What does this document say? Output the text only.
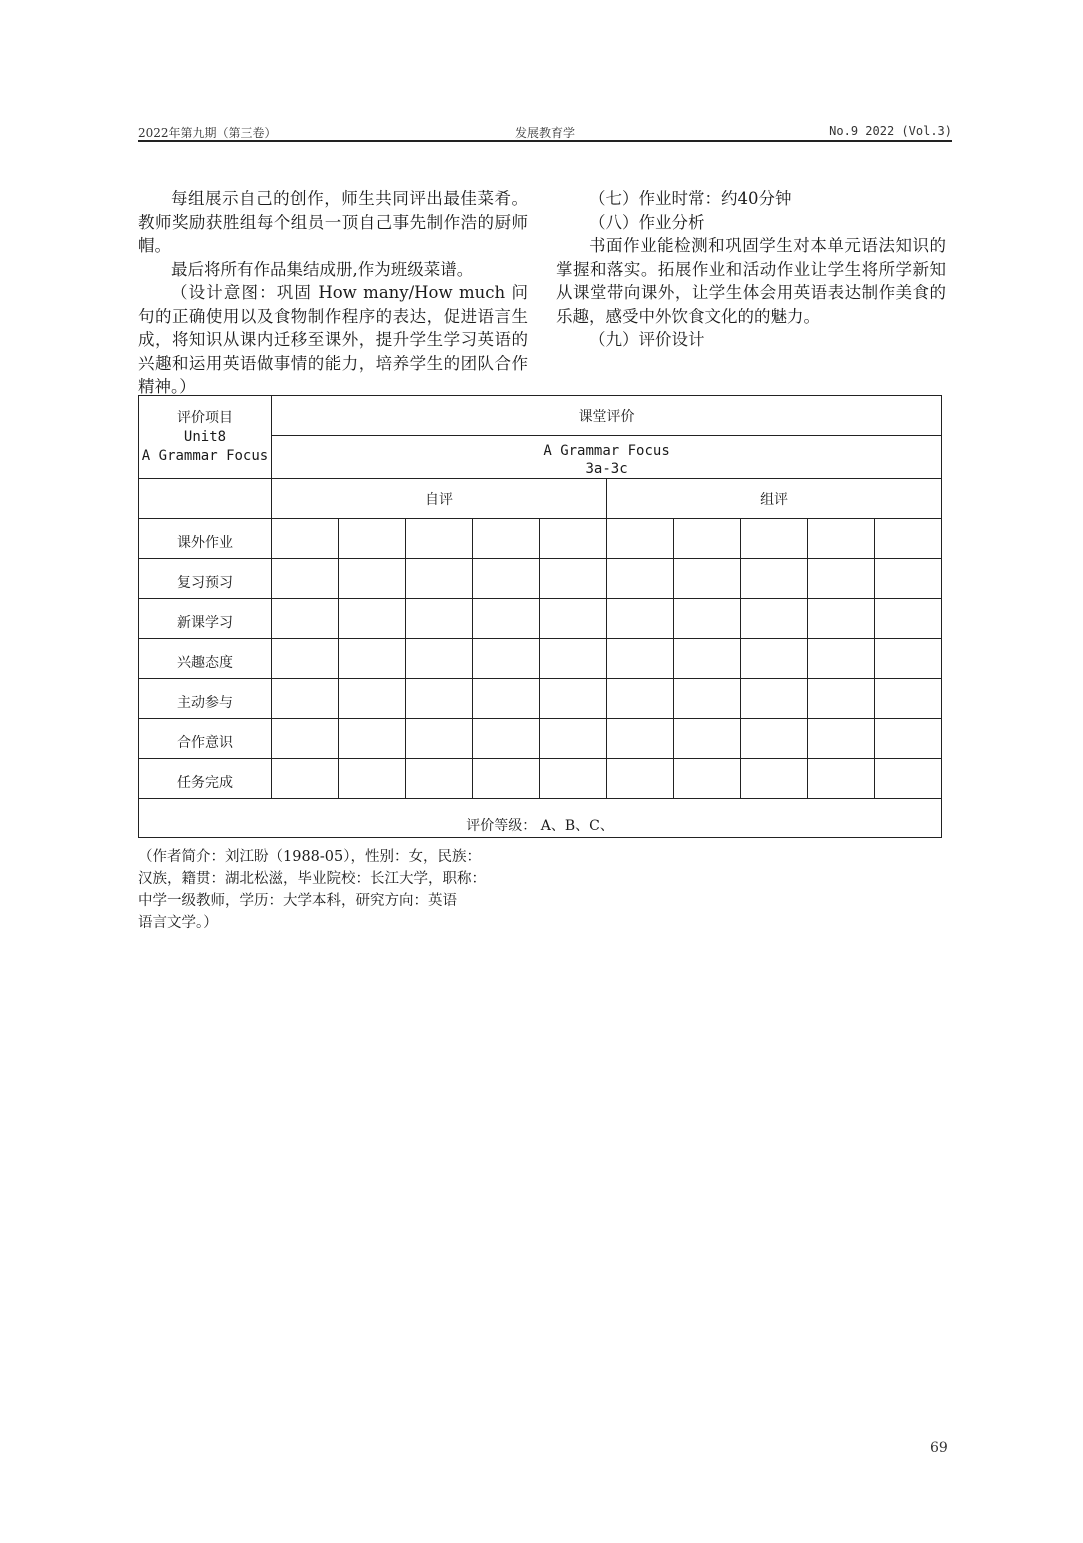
2022年第九期（第三卷）	发展教育学	No.9 2022 (Vol.3)

每组展示自己的创作，师生共同评出最佳菜肴。教师奖励获胜组每个组员一顶自己事先制作浩的厨师帽。

最后将所有作品集结成册,作为班级菜谱。

（设计意图：巩固 How many/How much 问句的正确使用以及食物制作程序的表达，促进语言生成，将知识从课内迁移至课外，提升学生学习英语的兴趣和运用英语做事情的能力，培养学生的团队合作精神。）

（七）作业时常：约40分钟

（八）作业分析

书面作业能检测和巩固学生对本单元语法知识的掌握和落实。拓展作业和活动作业让学生将所学新知从课堂带向课外，让学生体会用英语表达制作美食的乐趣，感受中外饮食文化的的魅力。

（九）评价设计

评价项目
Unit8
A Grammar Focus	课堂评价									

	A Grammar Focus
3a-3c									

	自评					组评				
课外作业										
复习预习										
新课学习										
兴趣态度										
主动参与										
合作意识										
任务完成										
评价等级： A、B、C、										

（作者简介：刘江盼（1988-05），性别：女，民族：

汉族，籍贯：湖北松滋，毕业院校：长江大学，职称：

中学一级教师，学历：大学本科，研究方向：英语

语言文学。）

69
